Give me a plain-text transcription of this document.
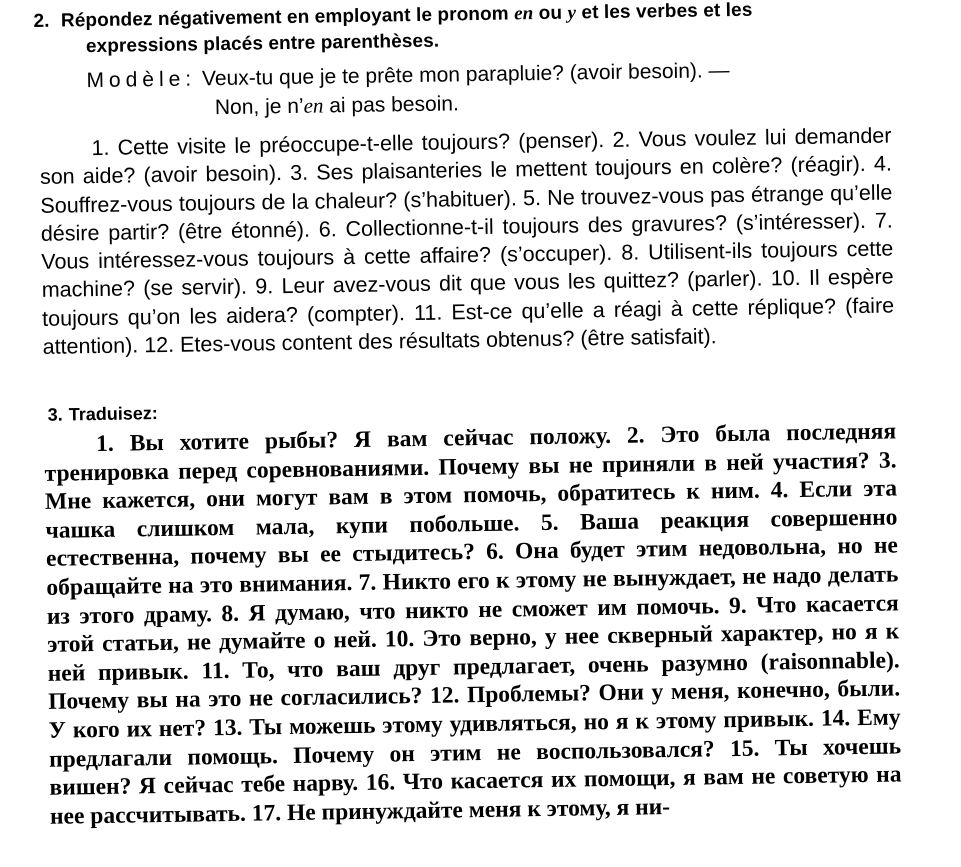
2. Répondez négativement en employant le pronom en ou y et les verbes et les
expressions placés entre parenthèses.
Modèle: Veux-tu que je te prête mon parapluie? (avoir besoin). —
Non, je n’en ai pas besoin.

1. Cette visite le préoccupe-t-elle toujours? (penser). 2. Vous voulez lui demander son aide? (avoir besoin). 3. Ses plaisanteries le mettent toujours en colère? (réagir). 4. Souffrez-vous toujours de la chaleur? (s’habituer). 5. Ne trouvez-vous pas étrange qu’elle désire partir? (être étonné). 6. Collectionne-t-il toujours des gravures? (s’intéresser). 7. Vous intéressez-vous toujours à cette affaire? (s’occuper). 8. Utilisent-ils toujours cette machine? (se servir). 9. Leur avez-vous dit que vous les quittez? (parler). 10. Il espère toujours qu’on les aidera? (compter). 11. Est-ce qu’elle a réagi à cette réplique? (faire attention). 12. Etes-vous content des résultats obtenus? (être satisfait).

3. Traduisez:

1. Вы хотите рыбы? Я вам сейчас положу. 2. Это была последняя тренировка перед соревнованиями. Почему вы не приняли в ней участия? 3. Мне кажется, они могут вам в этом помочь, обратитесь к ним. 4. Если эта чашка слишком мала, купи побольше. 5. Ваша реакция совершенно естественна, почему вы ее стыдитесь? 6. Она будет этим недовольна, но не обращайте на это внимания. 7. Никто его к этому не вынуждает, не надо делать из этого драму. 8. Я думаю, что никто не сможет им помочь. 9. Что касается этой статьи, не думайте о ней. 10. Это верно, у нее скверный характер, но я к ней привык. 11. То, что ваш друг предлагает, очень разумно (raisonnable). Почему вы на это не согласились? 12. Проблемы? Они у меня, конечно, были. У кого их нет? 13. Ты можешь этому удивляться, но я к этому привык. 14. Ему предлагали помощь. Почему он этим не воспользовался? 15. Ты хочешь вишен? Я сейчас тебе нарву. 16. Что касается их помощи, я вам не советую на нее рассчитывать. 17. Не принуждайте меня к этому, я ни-
